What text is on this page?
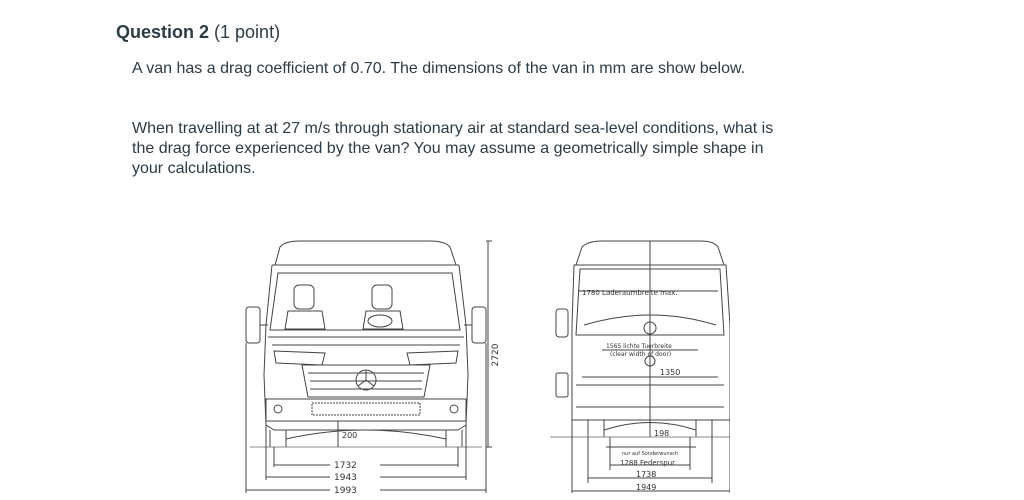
Question 2 (1 point)
A van has a drag coefficient of 0.70. The dimensions of the van in mm are show below.
When travelling at at 27 m/s through stationary air at standard sea-level conditions, what is the drag force experienced by the van? You may assume a geometrically simple shape in your calculations.
2720
200
1732
1943
1993
1780 Laderaumbreite max.
1565 lichte Tuerbreite
(clear width of door)
1350
198
nur auf Sonderwunsch
1288 Federspur
1738
1949
